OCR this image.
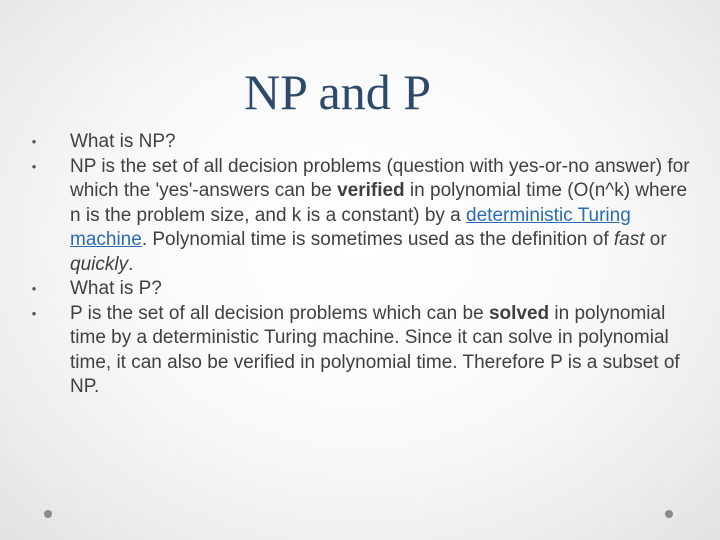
NP and P
• What is NP?
• NP is the set of all decision problems (question with yes-or-no answer) for which the 'yes'-answers can be verified in polynomial time (O(n^k) where n is the problem size, and k is a constant) by a deterministic Turing machine. Polynomial time is sometimes used as the definition of fast or quickly.
• What is P?
• P is the set of all decision problems which can be solved in polynomial time by a deterministic Turing machine. Since it can solve in polynomial time, it can also be verified in polynomial time. Therefore P is a subset of NP.
